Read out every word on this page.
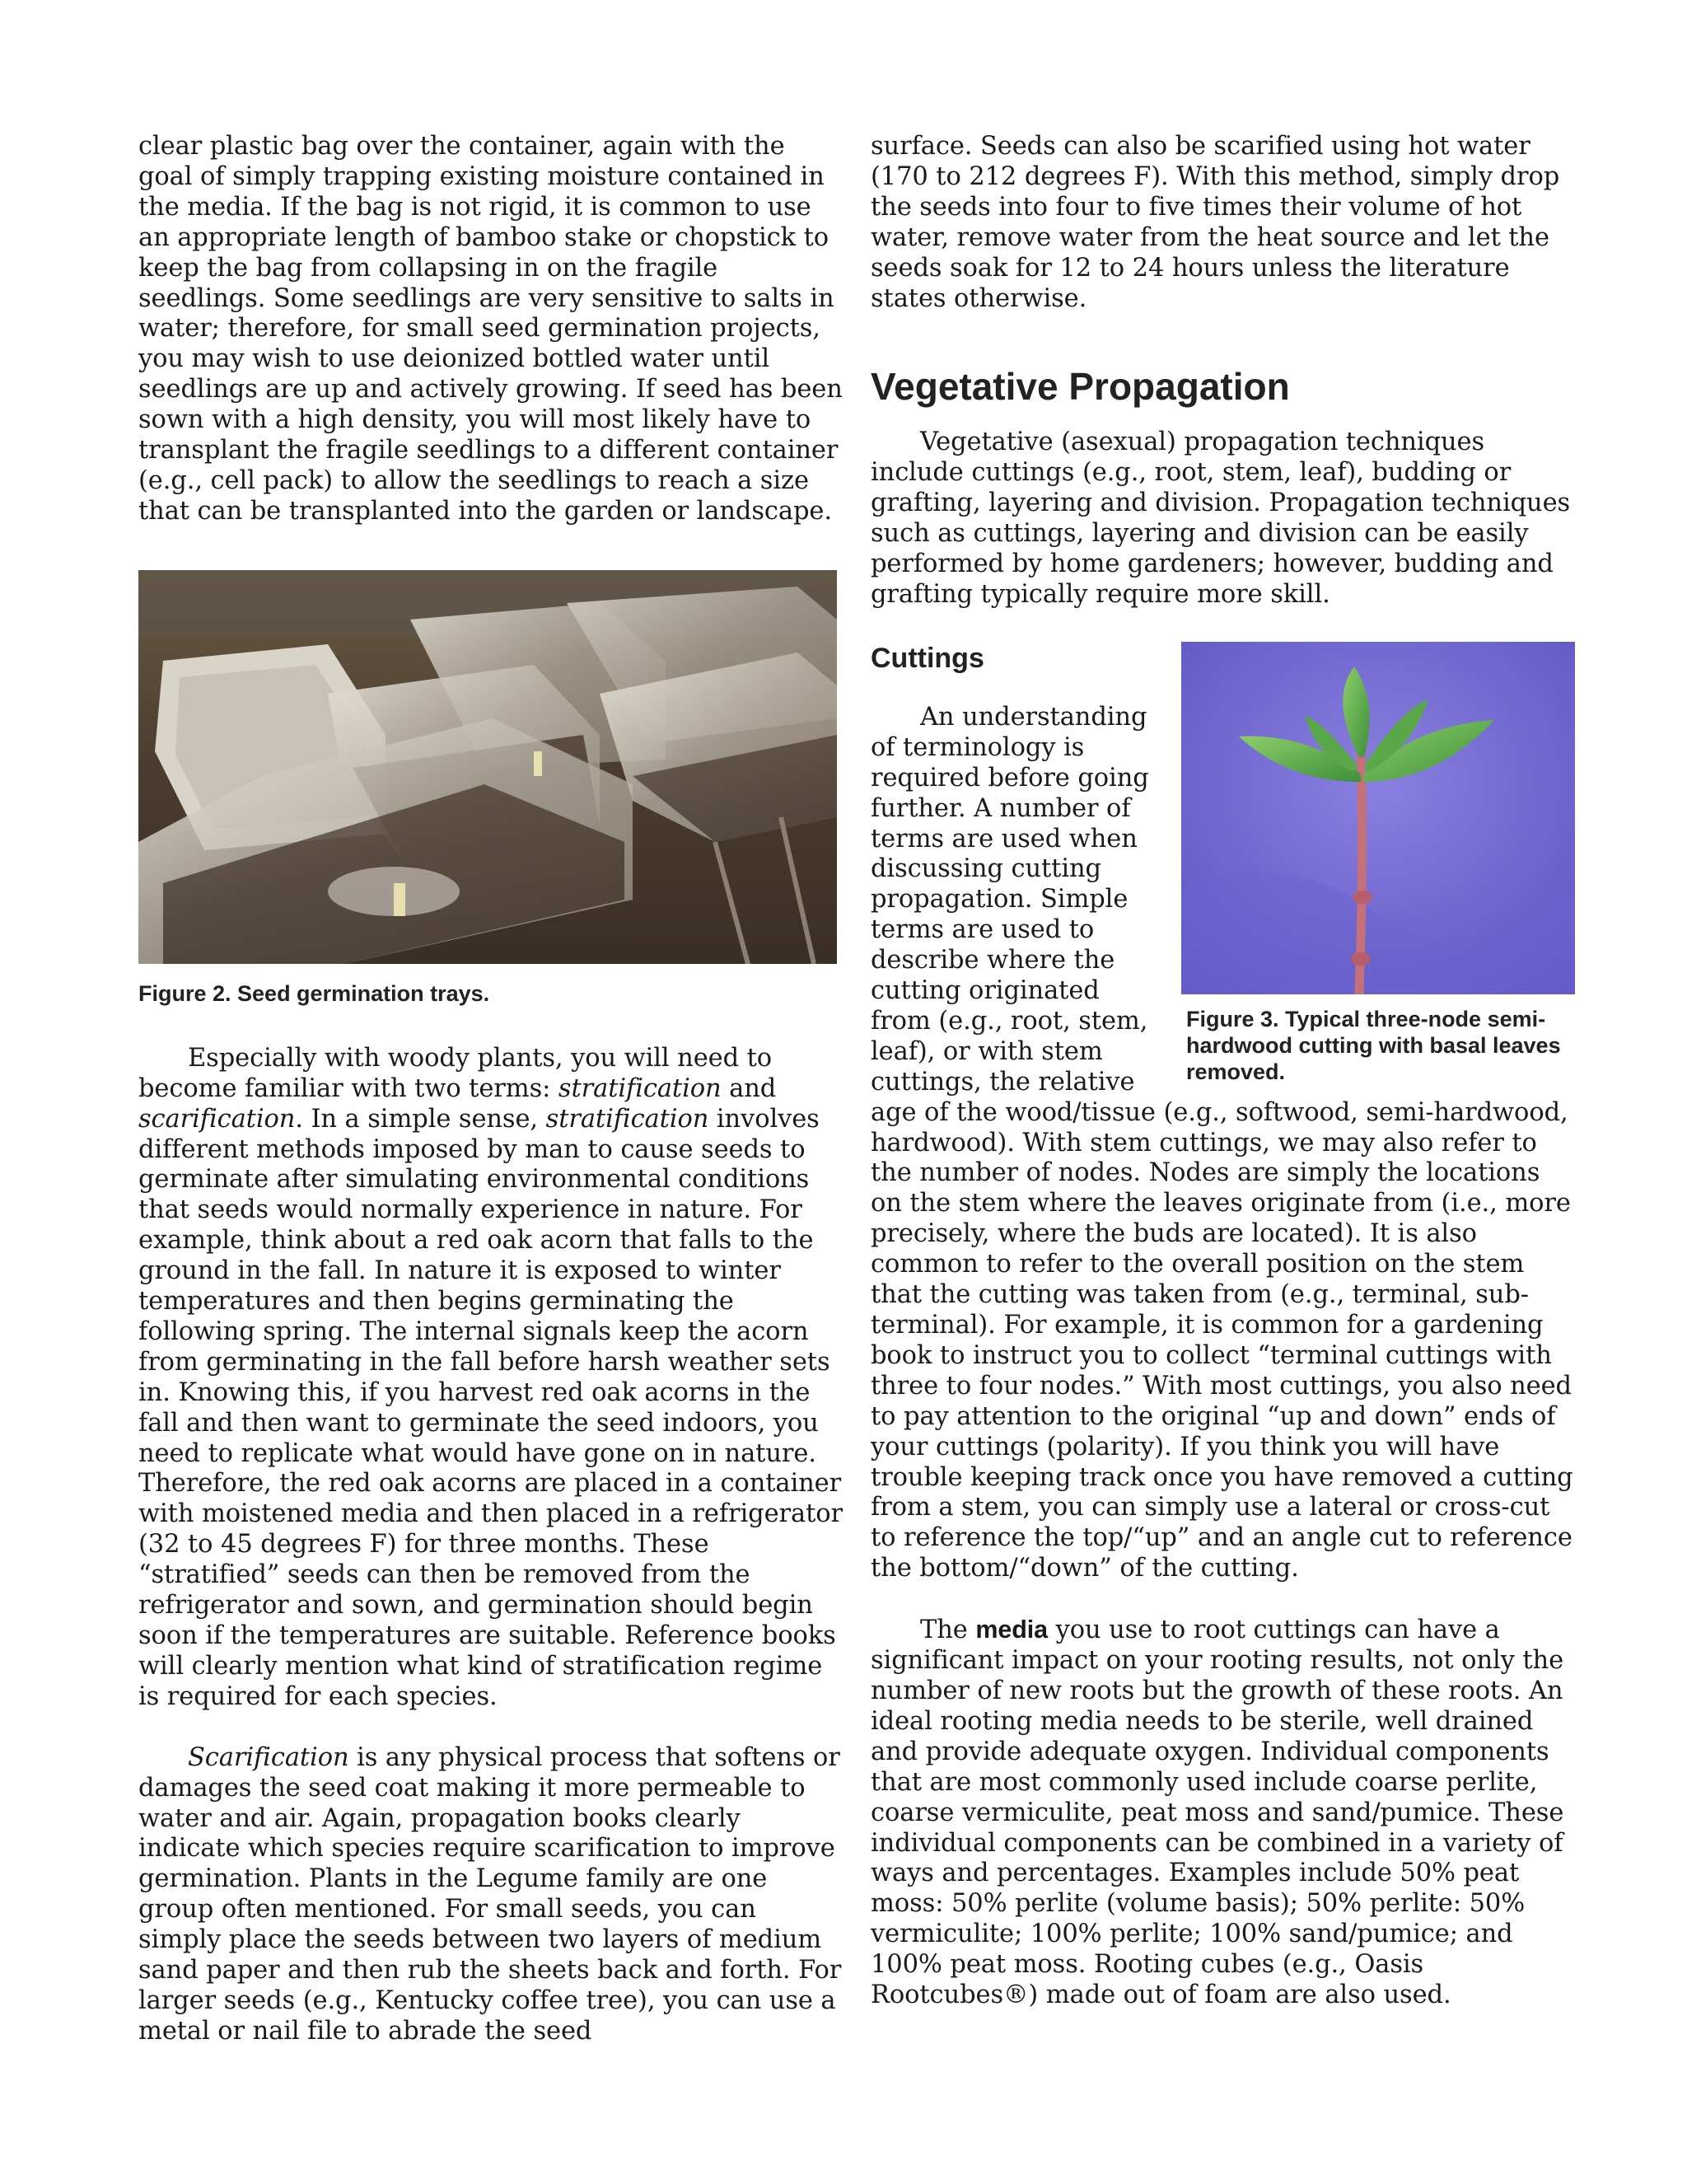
clear plastic bag over the container, again with the goal of simply trapping existing moisture contained in the media. If the bag is not rigid, it is common to use an appropriate length of bamboo stake or chopstick to keep the bag from collapsing in on the fragile seedlings. Some seedlings are very sensitive to salts in water; therefore, for small seed germination projects, you may wish to use deionized bottled water until seedlings are up and actively growing. If seed has been sown with a high density, you will most likely have to transplant the fragile seedlings to a different container (e.g., cell pack) to allow the seedlings to reach a size that can be transplanted into the garden or landscape.

Figure 2. Seed germination trays.

Especially with woody plants, you will need to become familiar with two terms: stratification and scarification. In a simple sense, stratification involves different methods imposed by man to cause seeds to germinate after simulating environmental conditions that seeds would normally experience in nature. For example, think about a red oak acorn that falls to the ground in the fall. In nature it is exposed to winter temperatures and then begins germinating the following spring. The internal signals keep the acorn from germinating in the fall before harsh weather sets in. Knowing this, if you harvest red oak acorns in the fall and then want to germinate the seed indoors, you need to replicate what would have gone on in nature. Therefore, the red oak acorns are placed in a container with moistened media and then placed in a refrigerator (32 to 45 degrees F) for three months. These “stratified” seeds can then be removed from the refrigerator and sown, and germination should begin soon if the temperatures are suitable. Reference books will clearly mention what kind of stratification regime is required for each species.

Scarification is any physical process that softens or damages the seed coat making it more permeable to water and air. Again, propagation books clearly indicate which species require scarification to improve germination. Plants in the Legume family are one group often mentioned. For small seeds, you can simply place the seeds between two layers of medium sand paper and then rub the sheets back and forth. For larger seeds (e.g., Kentucky coffee tree), you can use a metal or nail file to abrade the seed

surface. Seeds can also be scarified using hot water (170 to 212 degrees F). With this method, simply drop the seeds into four to five times their volume of hot water, remove water from the heat source and let the seeds soak for 12 to 24 hours unless the literature states otherwise.

Vegetative Propagation

Vegetative (asexual) propagation techniques include cuttings (e.g., root, stem, leaf), budding or grafting, layering and division. Propagation techniques such as cuttings, layering and division can be easily performed by home gardeners; however, budding and grafting typically require more skill.

Figure 3. Typical three-node semi-hardwood cutting with basal leaves removed.
Cuttings

An understanding of terminology is required before going further. A number of terms are used when discussing cutting propagation. Simple terms are used to describe where the cutting originated from (e.g., root, stem, leaf), or with stem cuttings, the relative age of the wood/tissue (e.g., softwood, semi-hardwood, hardwood). With stem cuttings, we may also refer to the number of nodes. Nodes are simply the locations on the stem where the leaves originate from (i.e., more precisely, where the buds are located). It is also common to refer to the overall position on the stem that the cutting was taken from (e.g., terminal, sub-terminal). For example, it is common for a gardening book to instruct you to collect “terminal cuttings with three to four nodes.” With most cuttings, you also need to pay attention to the original “up and down” ends of your cuttings (polarity). If you think you will have trouble keeping track once you have removed a cutting from a stem, you can simply use a lateral or cross-cut to reference the top/“up” and an angle cut to reference the bottom/“down” of the cutting.

The media you use to root cuttings can have a significant impact on your rooting results, not only the number of new roots but the growth of these roots. An ideal rooting media needs to be sterile, well drained and provide adequate oxygen. Individual components that are most commonly used include coarse perlite, coarse vermiculite, peat moss and sand/pumice. These individual components can be combined in a variety of ways and percentages. Examples include 50% peat moss: 50% perlite (volume basis); 50% perlite: 50% vermiculite; 100% perlite; 100% sand/pumice; and 100% peat moss. Rooting cubes (e.g., Oasis Rootcubes®) made out of foam are also used.
